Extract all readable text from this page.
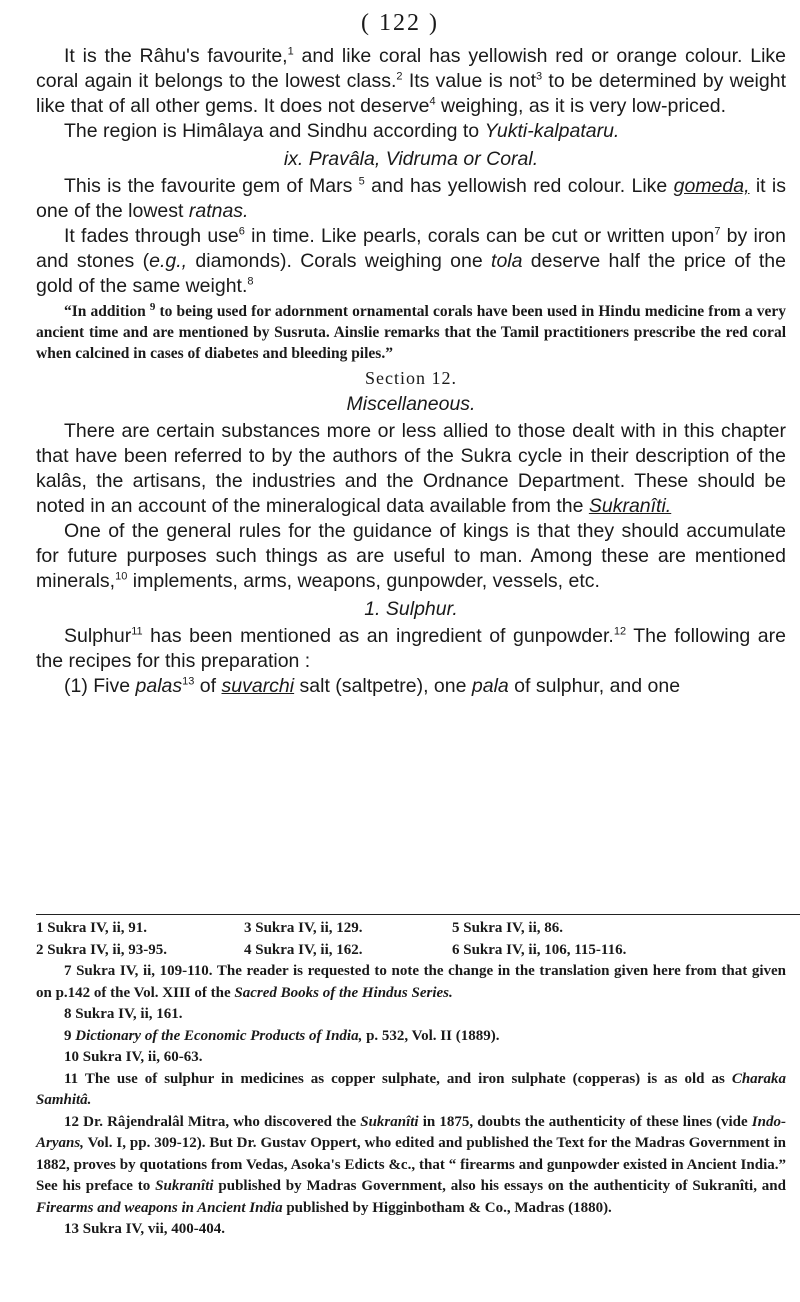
( 122 )

It is the Râhu's favourite,$^1$ and like coral has yellowish red or orange colour. Like coral again it belongs to the lowest class.$^2$ Its value is not$^3$ to be determined by weight like that of all other gems. It does not deserve$^4$ weighing, as it is very low-priced.

The region is Himâlaya and Sindhu according to Yukti-kalpataru.

ix. Pravâla, Vidruma or Coral.

This is the favourite gem of Mars $^5$ and has yellowish red colour. Like gomeda, it is one of the lowest ratnas.

It fades through use$^6$ in time. Like pearls, corals can be cut or written upon$^7$ by iron and stones (e.g., diamonds). Corals weighing one tola deserve half the price of the gold of the same weight.$^8$

“In addition $^9$ to being used for adornment ornamental corals have been used in Hindu medicine from a very ancient time and are mentioned by Susruta. Ainslie remarks that the Tamil practitioners prescribe the red coral when calcined in cases of diabetes and bleeding piles.”

Section 12.

Miscellaneous.

There are certain substances more or less allied to those dealt with in this chapter that have been referred to by the authors of the Sukra cycle in their description of the kalâs, the artisans, the industries and the Ordnance Department. These should be noted in an account of the mineralogical data available from the Sukranîti.

One of the general rules for the guidance of kings is that they should accumulate for future purposes such things as are useful to man. Among these are mentioned minerals,$^{10}$ implements, arms, weapons, gunpowder, vessels, etc.

1. Sulphur.

Sulphur$^{11}$ has been mentioned as an ingredient of gunpowder.$^{12}$ The following are the recipes for this preparation :

(1) Five palas$^{13}$ of suvarchi salt (saltpetre), one pala of sulphur, and one

1 Sukra IV, ii, 91.	3 Sukra IV, ii, 129.	5 Sukra IV, ii, 86.
2 Sukra IV, ii, 93-95.	4 Sukra IV, ii, 162.	6 Sukra IV, ii, 106, 115-116.

7 Sukra IV, ii, 109-110. The reader is requested to note the change in the translation given here from that given on p.142 of the Vol. XIII of the Sacred Books of the Hindus Series.

8 Sukra IV, ii, 161.

9 Dictionary of the Economic Products of India, p. 532, Vol. II (1889).

10 Sukra IV, ii, 60-63.

11 The use of sulphur in medicines as copper sulphate, and iron sulphate (copperas) is as old as Charaka Samhitâ.

12 Dr. Râjendralâl Mitra, who discovered the Sukranîti in 1875, doubts the authenticity of these lines (vide Indo-Aryans, Vol. I, pp. 309-12). But Dr. Gustav Oppert, who edited and published the Text for the Madras Government in 1882, proves by quotations from Vedas, Asoka's Edicts &c., that “ firearms and gunpowder existed in Ancient India.” See his preface to Sukranîti published by Madras Government, also his essays on the authenticity of Sukranîti, and Firearms and weapons in Ancient India published by Higginbotham & Co., Madras (1880).

13 Sukra IV, vii, 400-404.
